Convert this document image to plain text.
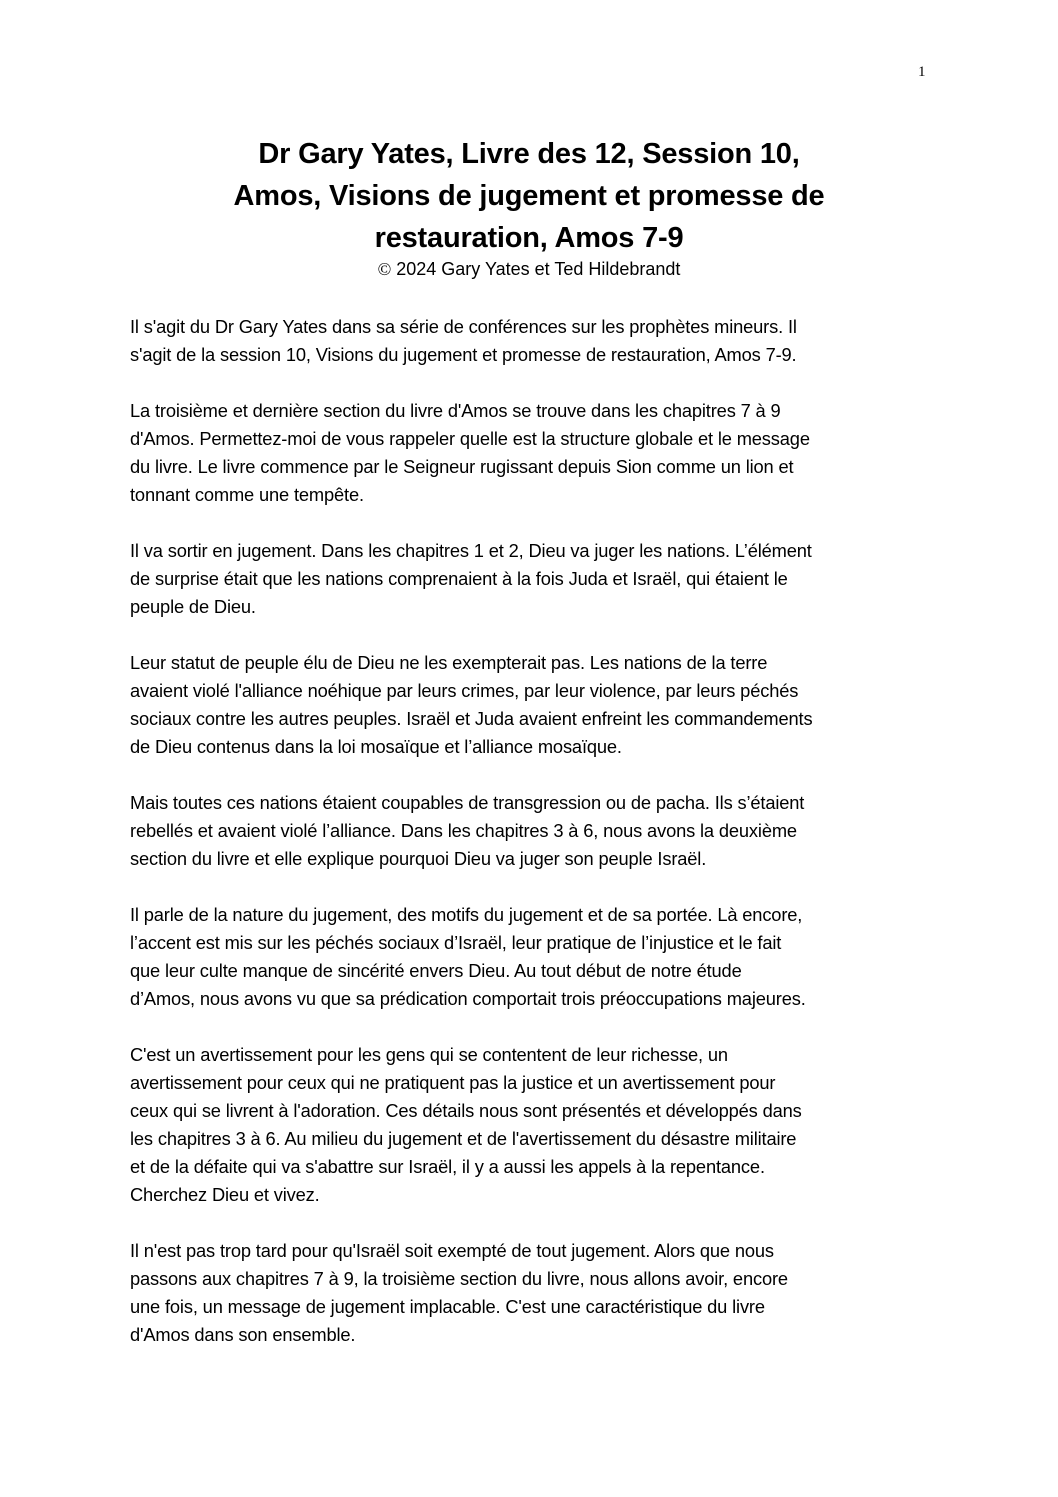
1
Dr Gary Yates, Livre des 12, Session 10,
Amos, Visions de jugement et promesse de
restauration, Amos 7-9
© 2024 Gary Yates et Ted Hildebrandt

Il s'agit du Dr Gary Yates dans sa série de conférences sur les prophètes mineurs. Il
s'agit de la session 10, Visions du jugement et promesse de restauration, Amos 7-9.

La troisième et dernière section du livre d'Amos se trouve dans les chapitres 7 à 9
d'Amos. Permettez-moi de vous rappeler quelle est la structure globale et le message
du livre. Le livre commence par le Seigneur rugissant depuis Sion comme un lion et
tonnant comme une tempête.

Il va sortir en jugement. Dans les chapitres 1 et 2, Dieu va juger les nations. L’élément
de surprise était que les nations comprenaient à la fois Juda et Israël, qui étaient le
peuple de Dieu.

Leur statut de peuple élu de Dieu ne les exempterait pas. Les nations de la terre
avaient violé l'alliance noéhique par leurs crimes, par leur violence, par leurs péchés
sociaux contre les autres peuples. Israël et Juda avaient enfreint les commandements
de Dieu contenus dans la loi mosaïque et l’alliance mosaïque.

Mais toutes ces nations étaient coupables de transgression ou de pacha. Ils s’étaient
rebellés et avaient violé l’alliance. Dans les chapitres 3 à 6, nous avons la deuxième
section du livre et elle explique pourquoi Dieu va juger son peuple Israël.

Il parle de la nature du jugement, des motifs du jugement et de sa portée. Là encore,
l’accent est mis sur les péchés sociaux d’Israël, leur pratique de l’injustice et le fait
que leur culte manque de sincérité envers Dieu. Au tout début de notre étude
d’Amos, nous avons vu que sa prédication comportait trois préoccupations majeures.

C'est un avertissement pour les gens qui se contentent de leur richesse, un
avertissement pour ceux qui ne pratiquent pas la justice et un avertissement pour
ceux qui se livrent à l'adoration. Ces détails nous sont présentés et développés dans
les chapitres 3 à 6. Au milieu du jugement et de l'avertissement du désastre militaire
et de la défaite qui va s'abattre sur Israël, il y a aussi les appels à la repentance.
Cherchez Dieu et vivez.

Il n'est pas trop tard pour qu'Israël soit exempté de tout jugement. Alors que nous
passons aux chapitres 7 à 9, la troisième section du livre, nous allons avoir, encore
une fois, un message de jugement implacable. C'est une caractéristique du livre
d'Amos dans son ensemble.
